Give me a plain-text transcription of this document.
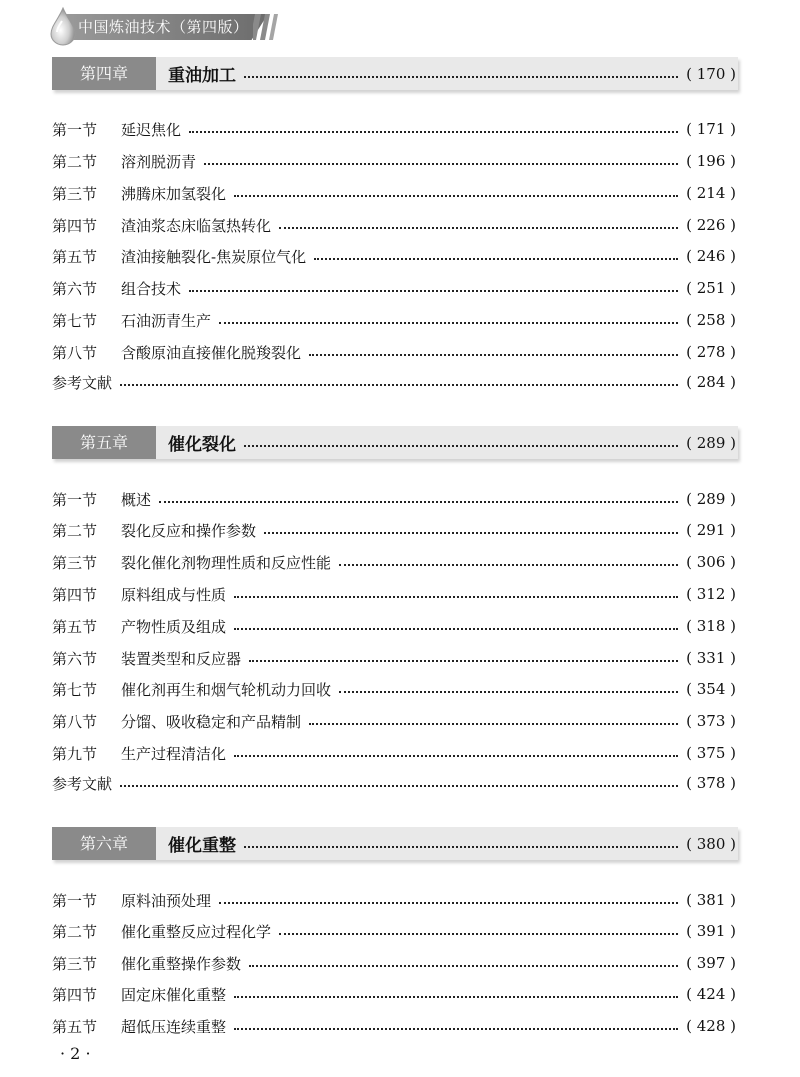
中国炼油技术（第四版）
第四章	重油加工	( 170 )
第一节	延迟焦化	( 171 )
第二节	溶剂脱沥青	( 196 )
第三节	沸腾床加氢裂化	( 214 )
第四节	渣油浆态床临氢热转化	( 226 )
第五节	渣油接触裂化-焦炭原位气化	( 246 )
第六节	组合技术	( 251 )
第七节	石油沥青生产	( 258 )
第八节	含酸原油直接催化脱羧裂化	( 278 )
参考文献	( 284 )
第五章	催化裂化	( 289 )
第一节	概述	( 289 )
第二节	裂化反应和操作参数	( 291 )
第三节	裂化催化剂物理性质和反应性能	( 306 )
第四节	原料组成与性质	( 312 )
第五节	产物性质及组成	( 318 )
第六节	装置类型和反应器	( 331 )
第七节	催化剂再生和烟气轮机动力回收	( 354 )
第八节	分馏、吸收稳定和产品精制	( 373 )
第九节	生产过程清洁化	( 375 )
参考文献	( 378 )
第六章	催化重整	( 380 )
第一节	原料油预处理	( 381 )
第二节	催化重整反应过程化学	( 391 )
第三节	催化重整操作参数	( 397 )
第四节	固定床催化重整	( 424 )
第五节	超低压连续重整	( 428 )
· 2 ·
